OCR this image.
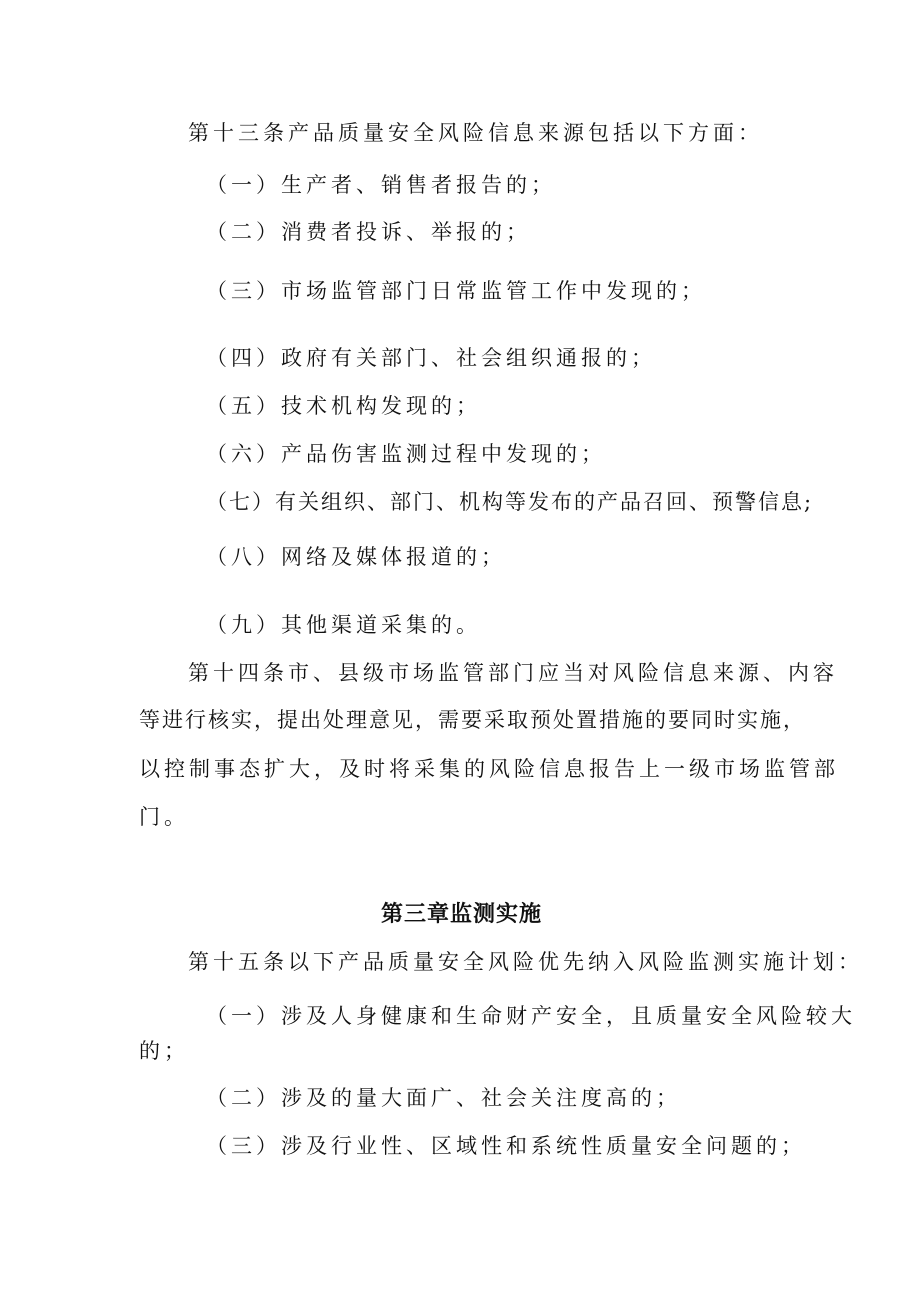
第十三条产品质量安全风险信息来源包括以下方面：
（一）生产者、销售者报告的；
（二）消费者投诉、举报的；
（三）市场监管部门日常监管工作中发现的；
（四）政府有关部门、社会组织通报的；
（五）技术机构发现的；
（六）产品伤害监测过程中发现的；
（七）有关组织、部门、机构等发布的产品召回、预警信息;
（八）网络及媒体报道的；
（九）其他渠道采集的。
第十四条市、县级市场监管部门应当对风险信息来源、内容
等进行核实，提出处理意见，需要采取预处置措施的要同时实施，
以控制事态扩大，及时将采集的风险信息报告上一级市场监管部
门。
第三章监测实施
第十五条以下产品质量安全风险优先纳入风险监测实施计划：
（一）涉及人身健康和生命财产安全，且质量安全风险较大
的；
（二）涉及的量大面广、社会关注度高的；
（三）涉及行业性、区域性和系统性质量安全问题的；
